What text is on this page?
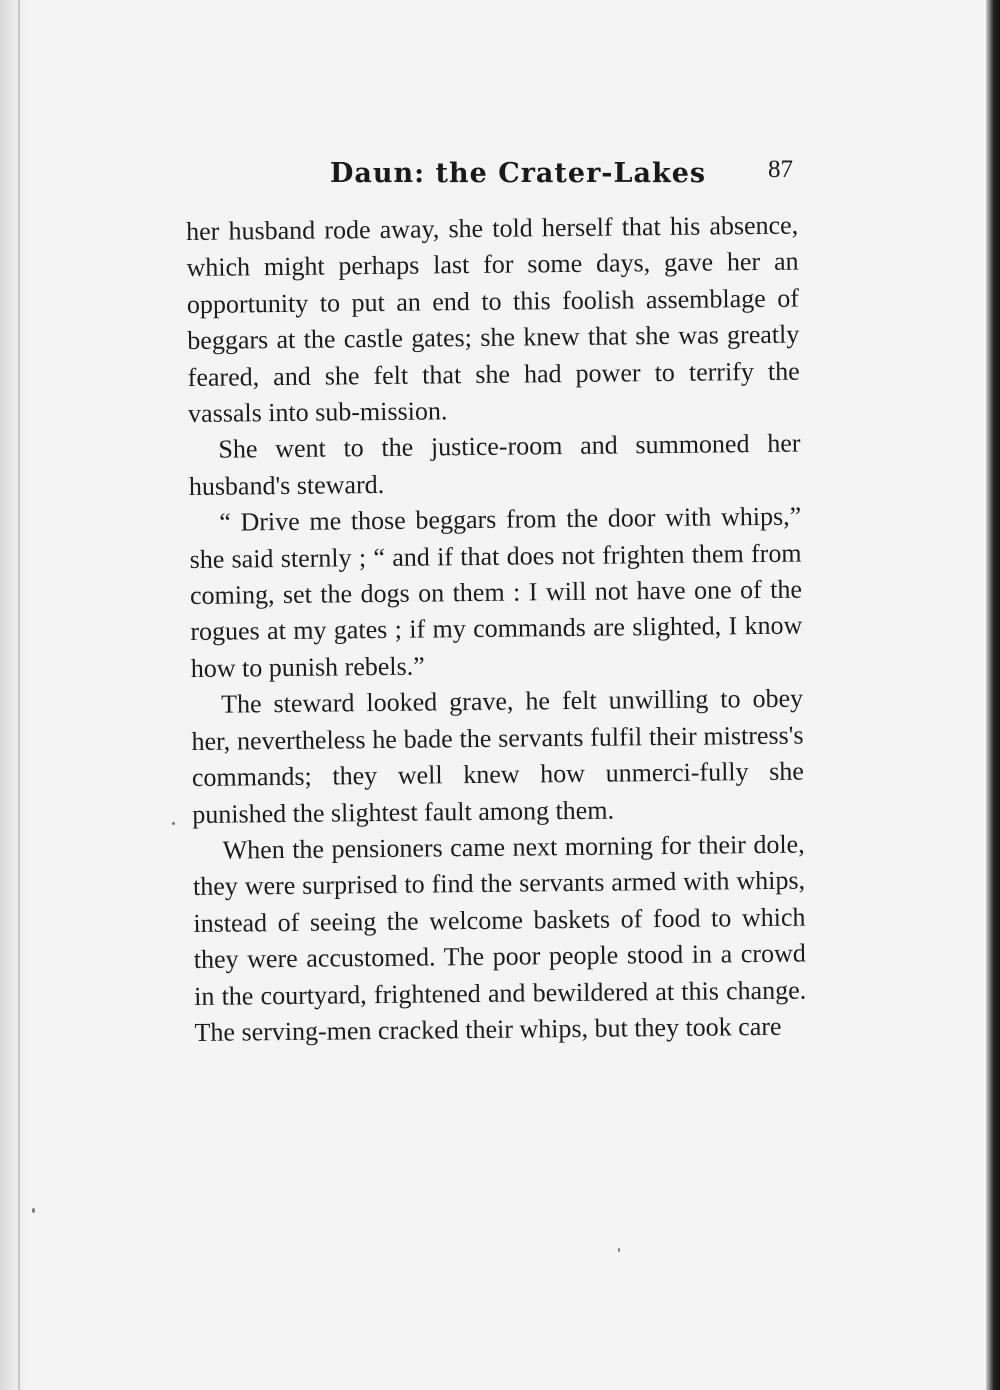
Daun: the Crater-Lakes 87

her husband rode away, she told herself that his absence, which might perhaps last for some days, gave her an opportunity to put an end to this foolish assemblage of beggars at the castle gates; she knew that she was greatly feared, and she felt that she had power to terrify the vassals into sub-mission.

She went to the justice-room and summoned her husband's steward.

“ Drive me those beggars from the door with whips,” she said sternly ; “ and if that does not frighten them from coming, set the dogs on them : I will not have one of the rogues at my gates ; if my commands are slighted, I know how to punish rebels.”

The steward looked grave, he felt unwilling to obey her, nevertheless he bade the servants fulfil their mistress's commands; they well knew how unmerci-fully she punished the slightest fault among them.

When the pensioners came next morning for their dole, they were surprised to find the servants armed with whips, instead of seeing the welcome baskets of food to which they were accustomed. The poor people stood in a crowd in the courtyard, frightened and bewildered at this change. The serving-men cracked their whips, but they took care
